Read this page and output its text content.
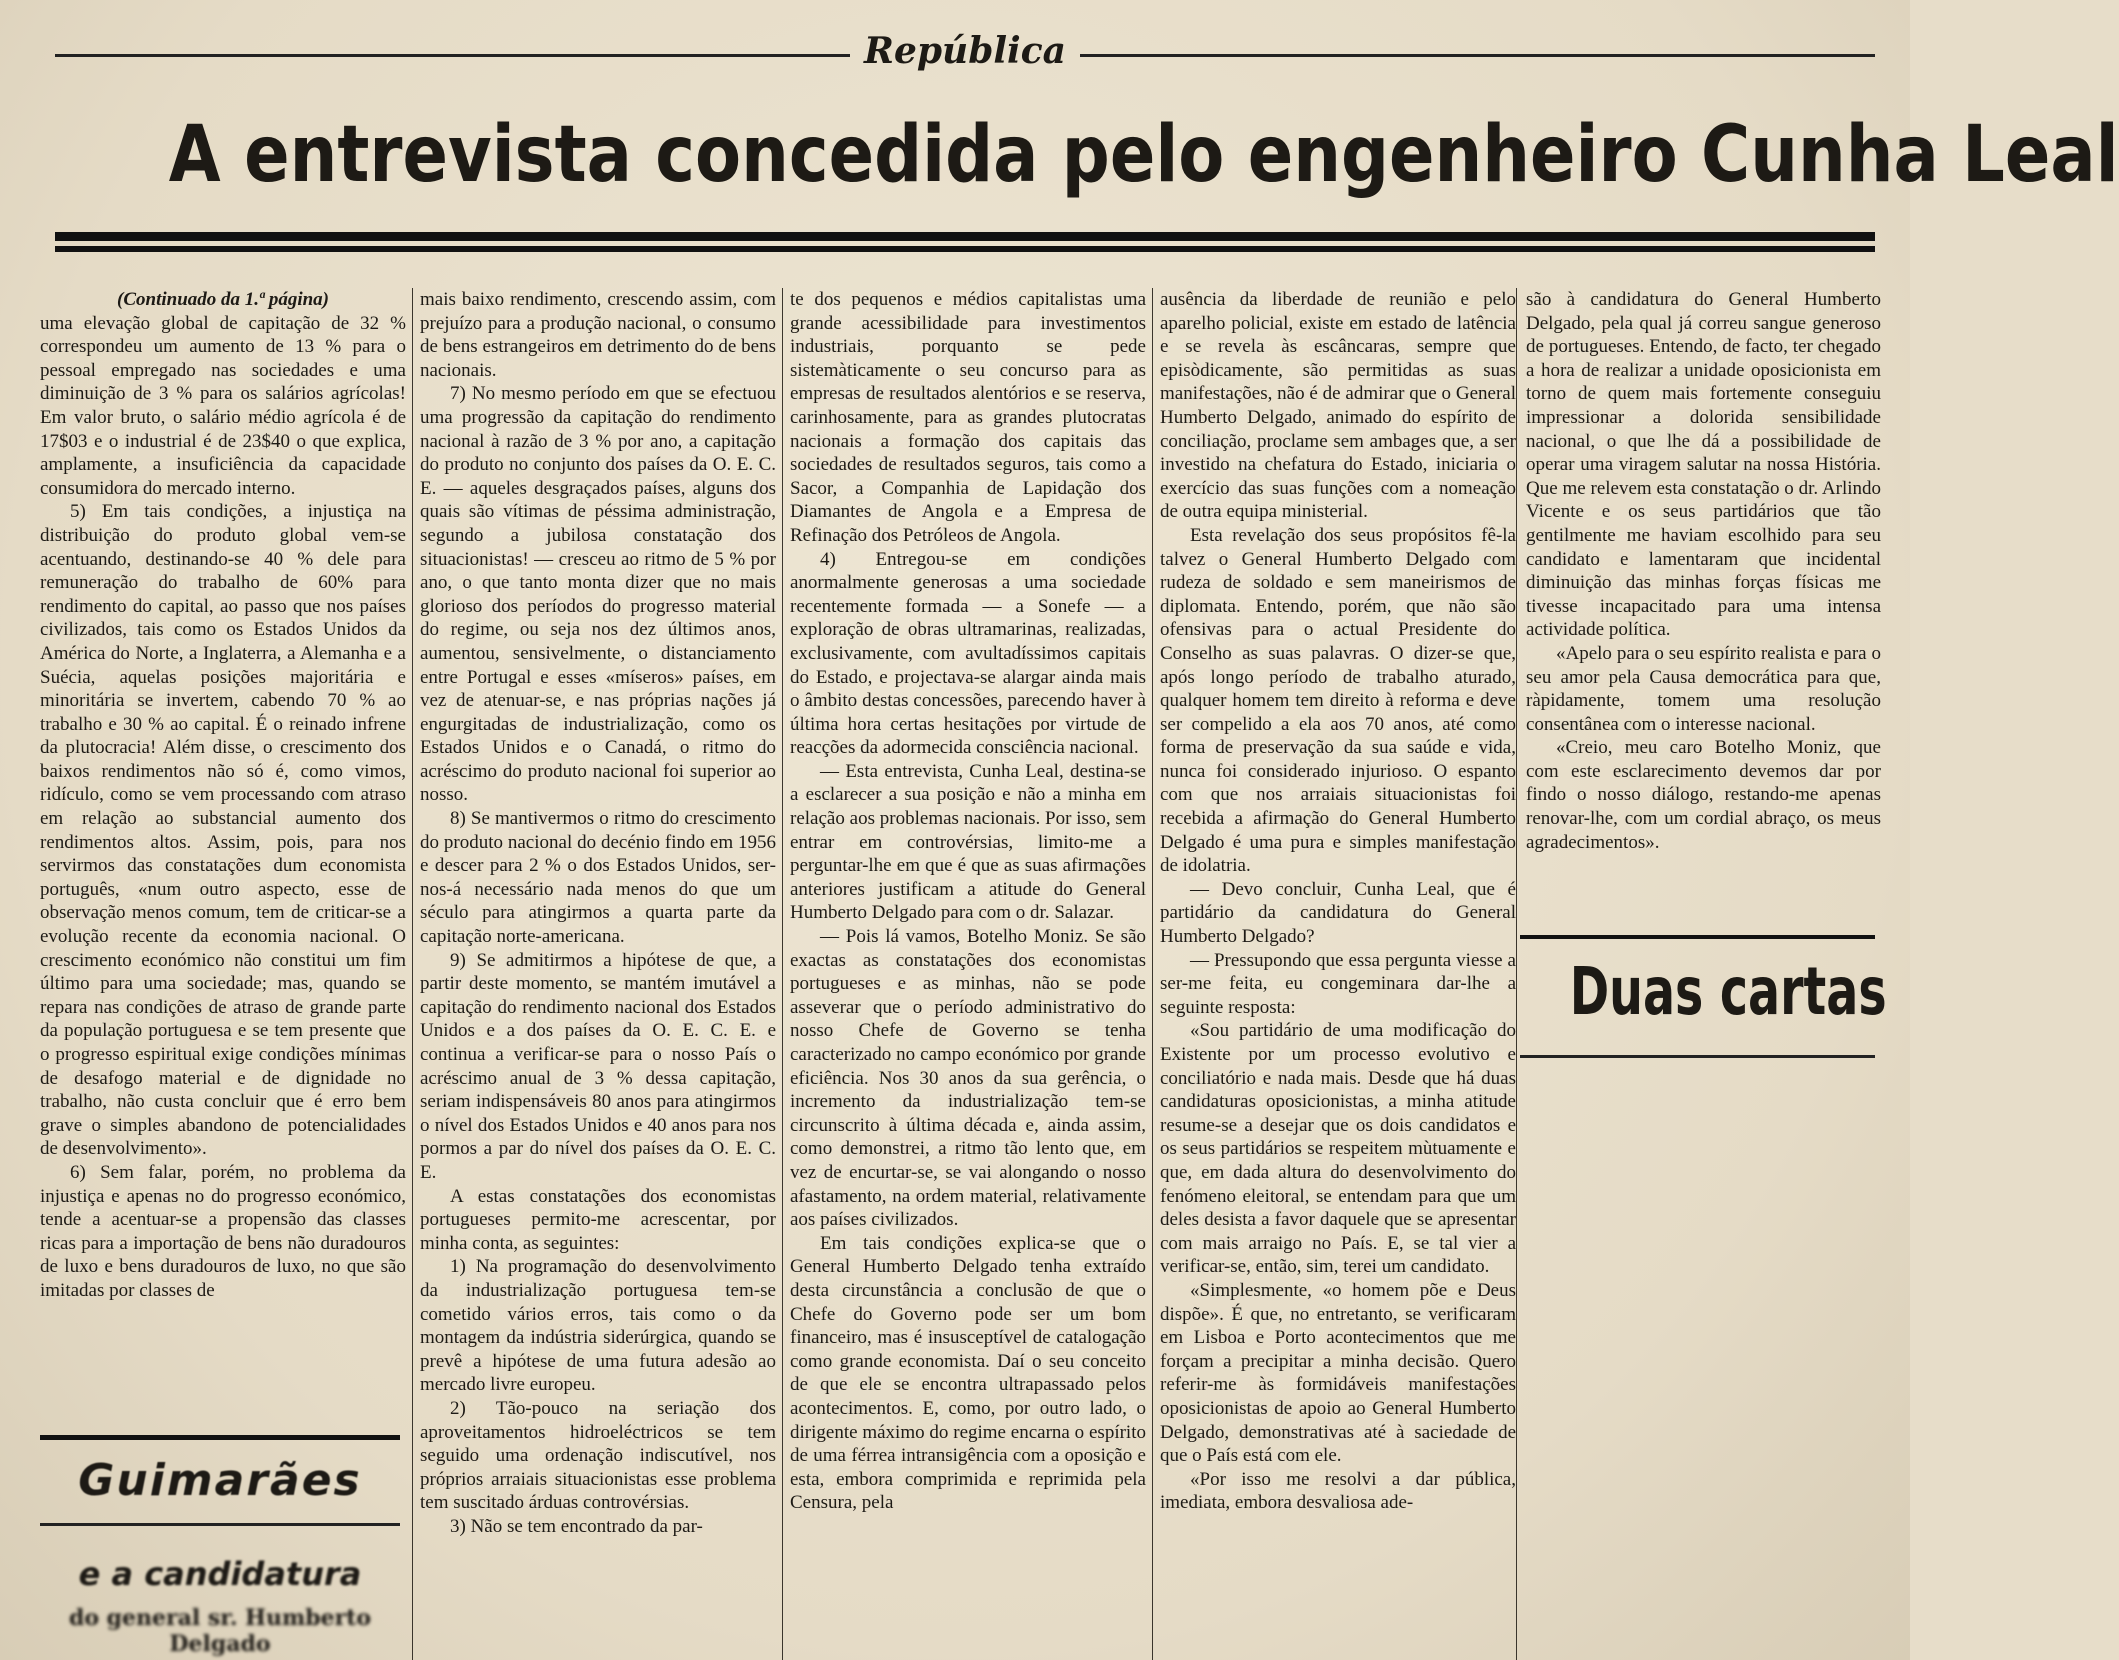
República
A entrevista concedida pelo engenheiro Cunha Leal

(Continuado da 1.ª página)

uma elevação global de capitação de 32 % correspondeu um aumento de 13 % para o pessoal empregado nas sociedades e uma diminuição de 3 % para os salários agrícolas! Em valor bruto, o salário médio agrícola é de 17$03 e o industrial é de 23$40 o que explica, amplamente, a insuficiência da capacidade consumidora do mercado interno.

5) Em tais condições, a injustiça na distribuição do produto global vem-se acentuando, destinando-se 40 % dele para remuneração do trabalho de 60% para rendimento do capital, ao passo que nos países civilizados, tais como os Estados Unidos da América do Norte, a Inglaterra, a Alemanha e a Suécia, aquelas posições majoritária e minoritária se invertem, cabendo 70 % ao trabalho e 30 % ao capital. É o reinado infrene da plutocracia! Além disse, o crescimento dos baixos rendimentos não só é, como vimos, ridículo, como se vem processando com atraso em relação ao substancial aumento dos rendimentos altos. Assim, pois, para nos servirmos das constatações dum economista português, «num outro aspecto, esse de observação menos comum, tem de criticar-se a evolução recente da economia nacional. O crescimento económico não constitui um fim último para uma sociedade; mas, quando se repara nas condições de atraso de grande parte da população portuguesa e se tem presente que o progresso espiritual exige condições mínimas de desafogo material e de dignidade no trabalho, não custa concluir que é erro bem grave o simples abandono de potencialidades de desenvolvimento».

6) Sem falar, porém, no problema da injustiça e apenas no do progresso económico, tende a acentuar-se a propensão das classes ricas para a importação de bens não duradouros de luxo e bens duradouros de luxo, no que são imitadas por classes de

Guimarães
e a candidatura
do general sr. Humberto Delgado

mais baixo rendimento, crescendo assim, com prejuízo para a produção nacional, o consumo de bens estrangeiros em detrimento do de bens nacionais.

7) No mesmo período em que se efectuou uma progressão da capitação do rendimento nacional à razão de 3 % por ano, a capitação do produto no conjunto dos países da O. E. C. E. — aqueles desgraçados países, alguns dos quais são vítimas de péssima administração, segundo a jubilosa constatação dos situacionistas! — cresceu ao ritmo de 5 % por ano, o que tanto monta dizer que no mais glorioso dos períodos do progresso material do regime, ou seja nos dez últimos anos, aumentou, sensivelmente, o distanciamento entre Portugal e esses «míseros» países, em vez de atenuar-se, e nas próprias nações já engurgitadas de industrialização, como os Estados Unidos e o Canadá, o ritmo do acréscimo do produto nacional foi superior ao nosso.

8) Se mantivermos o ritmo do crescimento do produto nacional do decénio findo em 1956 e descer para 2 % o dos Estados Unidos, ser-nos-á necessário nada menos do que um século para atingirmos a quarta parte da capitação norte-americana.

9) Se admitirmos a hipótese de que, a partir deste momento, se mantém imutável a capitação do rendimento nacional dos Estados Unidos e a dos países da O. E. C. E. e continua a verificar-se para o nosso País o acréscimo anual de 3 % dessa capitação, seriam indispensáveis 80 anos para atingirmos o nível dos Estados Unidos e 40 anos para nos pormos a par do nível dos países da O. E. C. E.

A estas constatações dos economistas portugueses permito-me acrescentar, por minha conta, as seguintes:

1) Na programação do desenvolvimento da industrialização portuguesa tem-se cometido vários erros, tais como o da montagem da indústria siderúrgica, quando se prevê a hipótese de uma futura adesão ao mercado livre europeu.

2) Tão-pouco na seriação dos aproveitamentos hidroeléctricos se tem seguido uma ordenação indiscutível, nos próprios arraiais situacionistas esse problema tem suscitado árduas controvérsias.

3) Não se tem encontrado da par-

te dos pequenos e médios capitalistas uma grande acessibilidade para investimentos industriais, porquanto se pede sistemàticamente o seu concurso para as empresas de resultados alentórios e se reserva, carinhosamente, para as grandes plutocratas nacionais a formação dos capitais das sociedades de resultados seguros, tais como a Sacor, a Companhia de Lapidação dos Diamantes de Angola e a Empresa de Refinação dos Petróleos de Angola.

4) Entregou-se em condições anormalmente generosas a uma sociedade recentemente formada — a Sonefe — a exploração de obras ultramarinas, realizadas, exclusivamente, com avultadíssimos capitais do Estado, e projectava-se alargar ainda mais o âmbito destas concessões, parecendo haver à última hora certas hesitações por virtude de reacções da adormecida consciência nacional.

— Esta entrevista, Cunha Leal, destina-se a esclarecer a sua posição e não a minha em relação aos problemas nacionais. Por isso, sem entrar em controvérsias, limito-me a perguntar-lhe em que é que as suas afirmações anteriores justificam a atitude do General Humberto Delgado para com o dr. Salazar.

— Pois lá vamos, Botelho Moniz. Se são exactas as constatações dos economistas portugueses e as minhas, não se pode asseverar que o período administrativo do nosso Chefe de Governo se tenha caracterizado no campo económico por grande eficiência. Nos 30 anos da sua gerência, o incremento da industrialização tem-se circunscrito à última década e, ainda assim, como demonstrei, a ritmo tão lento que, em vez de encurtar-se, se vai alongando o nosso afastamento, na ordem material, relativamente aos países civilizados.

Em tais condições explica-se que o General Humberto Delgado tenha extraído desta circunstância a conclusão de que o Chefe do Governo pode ser um bom financeiro, mas é insusceptível de catalogação como grande economista. Daí o seu conceito de que ele se encontra ultrapassado pelos acontecimentos. E, como, por outro lado, o dirigente máximo do regime encarna o espírito de uma férrea intransigência com a oposição e esta, embora comprimida e reprimida pela Censura, pela

ausência da liberdade de reunião e pelo aparelho policial, existe em estado de latência e se revela às escâncaras, sempre que episòdicamente, são permitidas as suas manifestações, não é de admirar que o General Humberto Delgado, animado do espírito de conciliação, proclame sem ambages que, a ser investido na chefatura do Estado, iniciaria o exercício das suas funções com a nomeação de outra equipa ministerial.

Esta revelação dos seus propósitos fê-la talvez o General Humberto Delgado com rudeza de soldado e sem maneirismos de diplomata. Entendo, porém, que não são ofensivas para o actual Presidente do Conselho as suas palavras. O dizer-se que, após longo período de trabalho aturado, qualquer homem tem direito à reforma e deve ser compelido a ela aos 70 anos, até como forma de preservação da sua saúde e vida, nunca foi considerado injurioso. O espanto com que nos arraiais situacionistas foi recebida a afirmação do General Humberto Delgado é uma pura e simples manifestação de idolatria.

— Devo concluir, Cunha Leal, que é partidário da candidatura do General Humberto Delgado?

— Pressupondo que essa pergunta viesse a ser-me feita, eu congeminara dar-lhe a seguinte resposta:

«Sou partidário de uma modificação do Existente por um processo evolutivo e conciliatório e nada mais. Desde que há duas candidaturas oposicionistas, a minha atitude resume-se a desejar que os dois candidatos e os seus partidários se respeitem mùtuamente e que, em dada altura do desenvolvimento do fenómeno eleitoral, se entendam para que um deles desista a favor daquele que se apresentar com mais arraigo no País. E, se tal vier a verificar-se, então, sim, terei um candidato.

«Simplesmente, «o homem põe e Deus dispõe». É que, no entretanto, se verificaram em Lisboa e Porto acontecimentos que me forçam a precipitar a minha decisão. Quero referir-me às formidáveis manifestações oposicionistas de apoio ao General Humberto Delgado, demonstrativas até à saciedade de que o País está com ele.

«Por isso me resolvi a dar pública, imediata, embora desvaliosa ade-

são à candidatura do General Humberto Delgado, pela qual já correu sangue generoso de portugueses. Entendo, de facto, ter chegado a hora de realizar a unidade oposicionista em torno de quem mais fortemente conseguiu impressionar a dolorida sensibilidade nacional, o que lhe dá a possibilidade de operar uma viragem salutar na nossa História. Que me relevem esta constatação o dr. Arlindo Vicente e os seus partidários que tão gentilmente me haviam escolhido para seu candidato e lamentaram que incidental diminuição das minhas forças físicas me tivesse incapacitado para uma intensa actividade política.

«Apelo para o seu espírito realista e para o seu amor pela Causa democrática para que, ràpidamente, tomem uma resolução consentânea com o interesse nacional.

«Creio, meu caro Botelho Moniz, que com este esclarecimento devemos dar por findo o nosso diálogo, restando-me apenas renovar-lhe, com um cordial abraço, os meus agradecimentos».

Duas cartas
